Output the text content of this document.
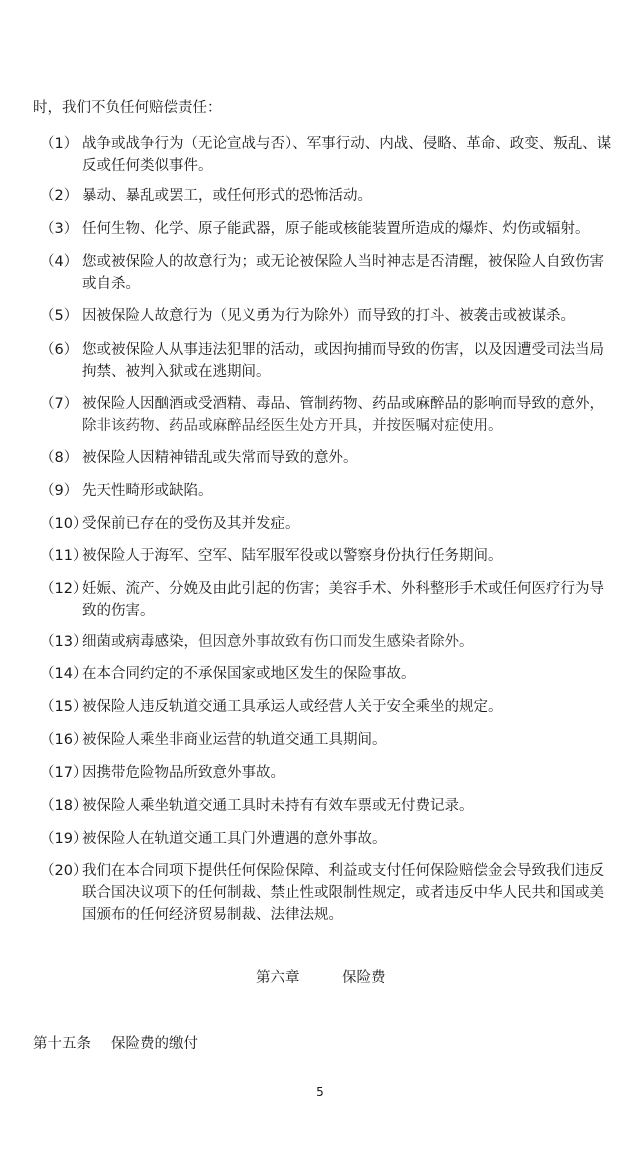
时，我们不负任何赔偿责任：
（1） 战争或战争行为（无论宣战与否）、军事行动、内战、侵略、革命、政变、叛乱、谋反或任何类似事件。
（2） 暴动、暴乱或罢工，或任何形式的恐怖活动。
（3） 任何生物、化学、原子能武器，原子能或核能装置所造成的爆炸、灼伤或辐射。
（4） 您或被保险人的故意行为；或无论被保险人当时神志是否清醒，被保险人自致伤害或自杀。
（5） 因被保险人故意行为（见义勇为行为除外）而导致的打斗、被袭击或被谋杀。
（6） 您或被保险人从事违法犯罪的活动，或因拘捕而导致的伤害，以及因遭受司法当局拘禁、被判入狱或在逃期间。
（7） 被保险人因酗酒或受酒精、毒品、管制药物、药品或麻醉品的影响而导致的意外，除非该药物、药品或麻醉品经医生处方开具，并按医嘱对症使用。
（8） 被保险人因精神错乱或失常而导致的意外。
（9） 先天性畸形或缺陷。
（10）
受保前已存在的受伤及其并发症。
（11）
被保险人于海军、空军、陆军服军役或以警察身份执行任务期间。
（12）
妊娠、流产、分娩及由此引起的伤害；美容手术、外科整形手术或任何医疗行为导致的伤害。
（13）
细菌或病毒感染，但因意外事故致有伤口而发生感染者除外。
（14）
在本合同约定的不承保国家或地区发生的保险事故。
（15）
被保险人违反轨道交通工具承运人或经营人关于安全乘坐的规定。
（16）
被保险人乘坐非商业运营的轨道交通工具期间。
（17）
因携带危险物品所致意外事故。
（18）
被保险人乘坐轨道交通工具时未持有有效车票或无付费记录。
（19）
被保险人在轨道交通工具门外遭遇的意外事故。
（20）
我们在本合同项下提供任何保险保障、利益或支付任何保险赔偿金会导致我们违反联合国决议项下的任何制裁、禁止性或限制性规定，或者违反中华人民共和国或美国颁布的任何经济贸易制裁、法律法规。
第六章	保险费
第十五条 保险费的缴付
5
